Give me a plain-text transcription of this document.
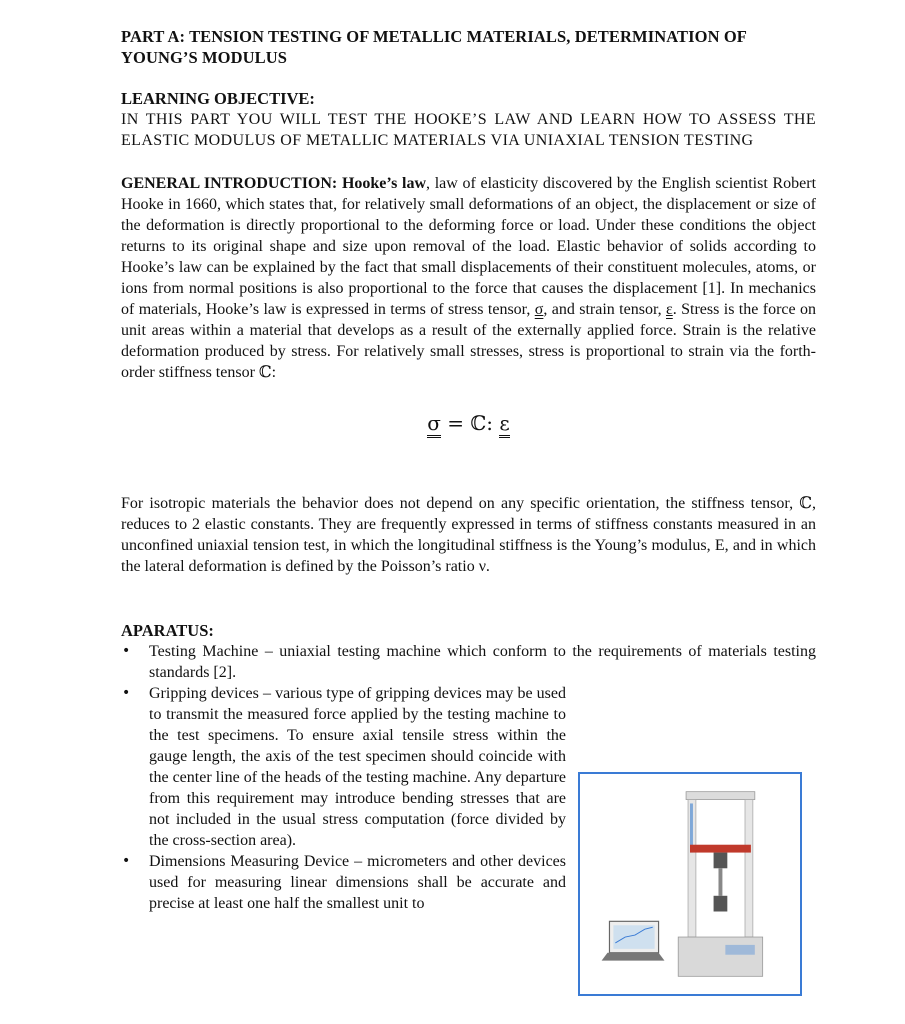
PART A: TENSION TESTING OF METALLIC MATERIALS, DETERMINATION OF YOUNG’S MODULUS
LEARNING OBJECTIVE:
IN THIS PART YOU WILL TEST THE HOOKE’S LAW AND LEARN HOW TO ASSESS THE ELASTIC MODULUS OF METALLIC MATERIALS VIA UNIAXIAL TENSION TESTING
GENERAL INTRODUCTION: Hooke’s law, law of elasticity discovered by the English scientist Robert Hooke in 1660, which states that, for relatively small deformations of an object, the displacement or size of the deformation is directly proportional to the deforming force or load. Under these conditions the object returns to its original shape and size upon removal of the load. Elastic behavior of solids according to Hooke’s law can be explained by the fact that small displacements of their constituent molecules, atoms, or ions from normal positions is also proportional to the force that causes the displacement [1]. In mechanics of materials, Hooke’s law is expressed in terms of stress tensor, σ, and strain tensor, ε. Stress is the force on unit areas within a material that develops as a result of the externally applied force. Strain is the relative deformation produced by stress. For relatively small stresses, stress is proportional to strain via the forth-order stiffness tensor ℂ:
σ = ℂ: ε
For isotropic materials the behavior does not depend on any specific orientation, the stiffness tensor, ℂ, reduces to 2 elastic constants. They are frequently expressed in terms of stiffness constants measured in an unconfined uniaxial tension test, in which the longitudinal stiffness is the Young’s modulus, E, and in which the lateral deformation is defined by the Poisson’s ratio ν.
APARATUS:
• Testing Machine – uniaxial testing machine which conform to the requirements of materials testing standards [2].
• Gripping devices – various type of gripping devices may be used to transmit the measured force applied by the testing machine to the test specimens. To ensure axial tensile stress within the gauge length, the axis of the test specimen should coincide with the center line of the heads of the testing machine. Any departure from this requirement may introduce bending stresses that are not included in the usual stress computation (force divided by the cross-section area).
• Dimensions Measuring Device – micrometers and other devices used for measuring linear dimensions shall be accurate and precise at least one half the smallest unit to
